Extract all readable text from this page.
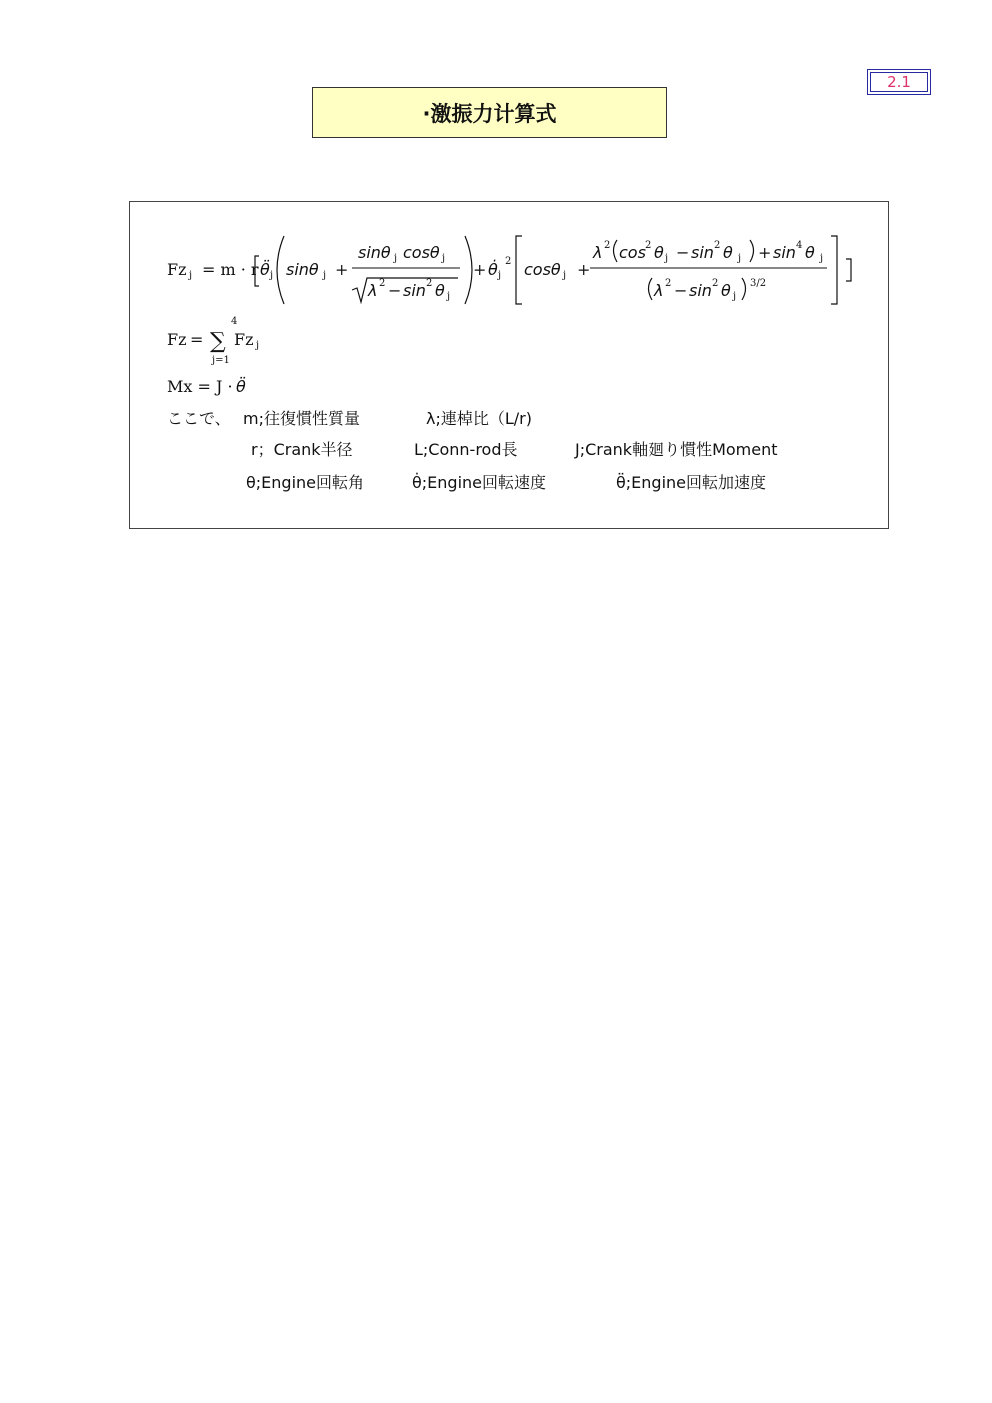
2.1
·激振力计算式
Fz j = m · r θ̈ j sinθ j +
sinθ j cosθ j
λ 2 − sin 2 θ j
+ θ̇ j
2 cosθ j +
λ 2 cos 2 θ j − sin 2 θ j + sin 4 θ j
λ 2 − sin 2 θ j
3/2
Fz = ∑
4
j=1
Fz j
Mx = J · θ̈
ここで、 m;往復慣性質量	λ;連棹比（L/r)
r；Crank半径	L;Conn‐rod長	J;Crank軸廻り慣性Moment
θ;Engine回転角	θ̇;Engine回転速度	θ̈;Engine回転加速度
